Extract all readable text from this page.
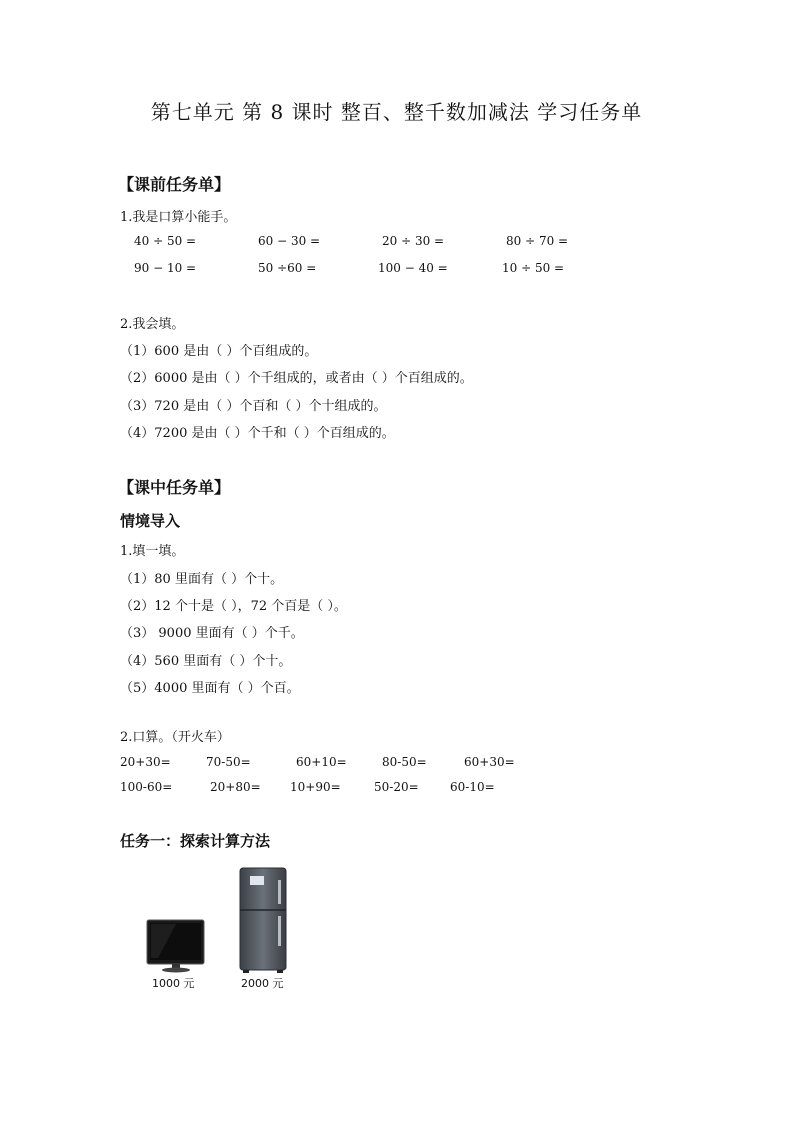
第七单元 第 8 课时 整百、整千数加减法 学习任务单
【课前任务单】
1.我是口算小能手。
40 ÷ 50 =	60 − 30 =	20 ÷ 30 =	80 ÷ 70 =
90 − 10 =	50 ÷60 =	100 − 40 =	10 ÷ 50 =
2.我会填。
（1）600 是由（ ）个百组成的。
（2）6000 是由（ ）个千组成的，或者由（ ）个百组成的。
（3）720 是由（ ）个百和（ ）个十组成的。
（4）7200 是由（ ）个千和（ ）个百组成的。
【课中任务单】
情境导入
1.填一填。
（1）80 里面有（ ）个十。
（2）12 个十是（ ），72 个百是（ ）。
（3） 9000 里面有（ ）个千。
（4）560 里面有（ ）个十。
（5）4000 里面有（ ）个百。
2.口算。（开火车）
20+30=	70-50=	60+10=	80-50=	60+30=
100-60=	20+80= 10+90=	50-20=	60-10=
任务一：探索计算方法
1000 元	2000 元
